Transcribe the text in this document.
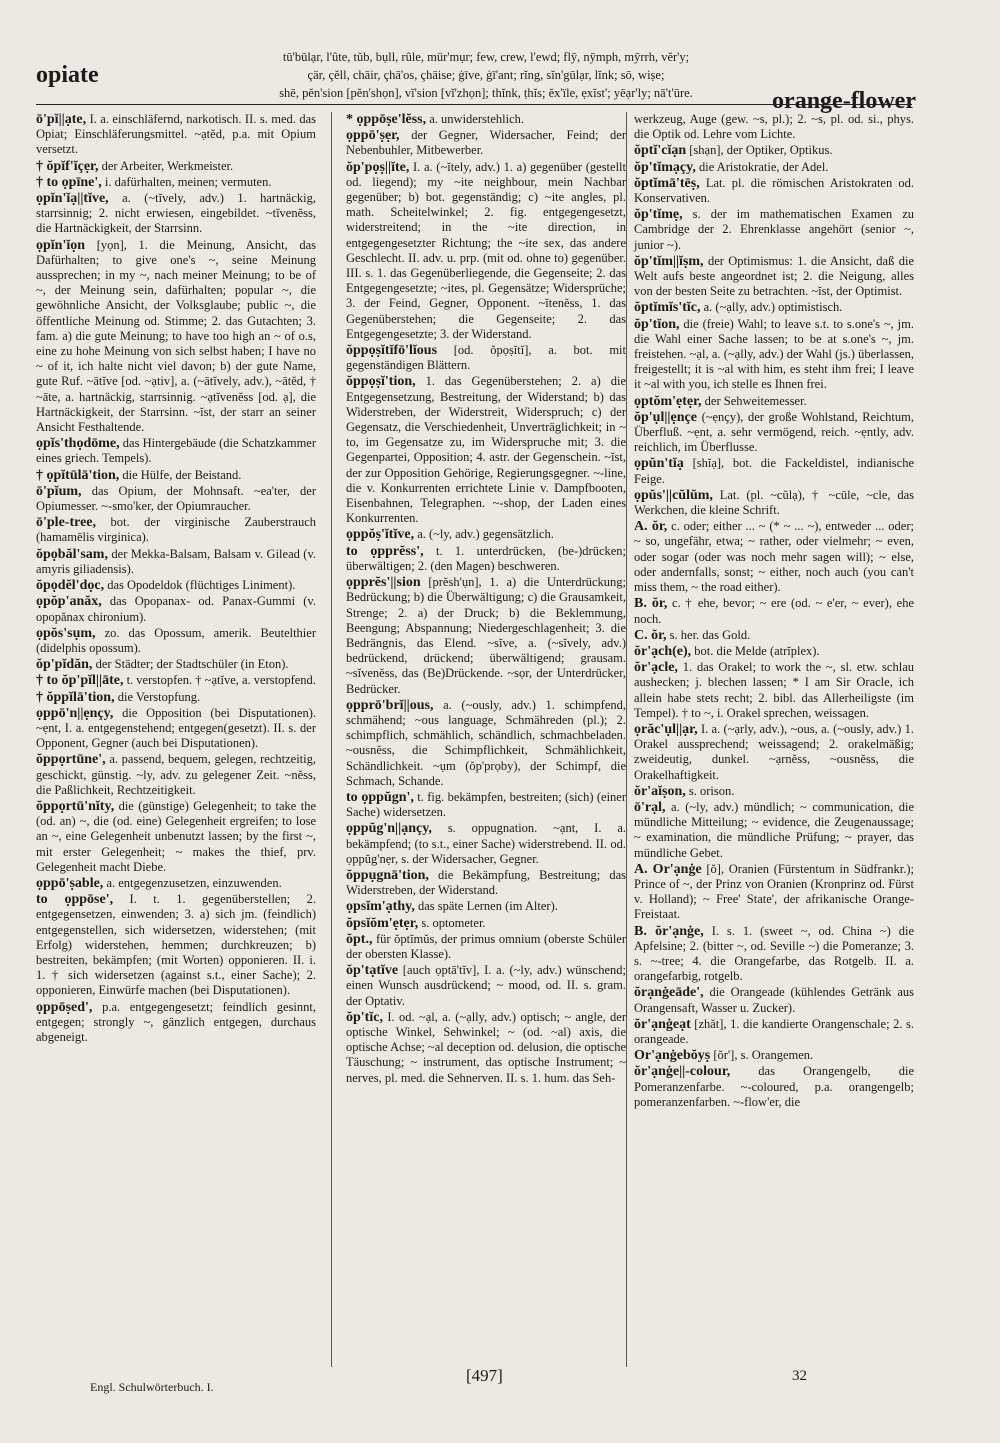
opiate
tū'būlạr, l'ûte, tŭb, bụll, rûle, mür'mụr; few, crew, l'ewd; flȳ, nȳmph, mȳrrh, vĕr'y;
çär, çĕll, chāir, çhā'os, çhāise; ġīve, ġī'ant; rĭng, sĭn'gūlạr, lĭnk; sō, wiṣe;
shē, pĕn'sion [pĕn'shọn], vĭ'sion [vĭ'zhọn]; thĭnk, ṭhĭs; ĕx'ïle, ẹxĭst'; yēạr'ly; nā't'ūre.	orange-flower
ō'pĭ||ạte, I. a. einschläfernd, narkotisch. II. s. med. das Opiat; Einschläferungsmittel. ~ạtĕd, p.a. mit Opium versetzt.
† ŏpĭf'ĭçẹr, der Arbeiter, Werkmeister.
† to ọpīne', i. dafürhalten, meinen; vermuten.
ọpĭn'ĭạ||tĭve, a. (~tĭvely, adv.) 1. hartnäckig, starrsinnig; 2. nicht erwiesen, eingebildet. ~tĭvenĕss, die Hartnäckigkeit, der Starrsinn.
ọpĭn'ĭọn [yọn], 1. die Meinung, Ansicht, das Dafürhalten; to give one's ~, seine Meinung aussprechen; in my ~, nach meiner Meinung; to be of ~, der Meinung sein, dafürhalten; popular ~, die gewöhnliche Ansicht, der Volksglaube; public ~, die öffentliche Meinung od. Stimme; 2. das Gutachten; 3. fam. a) die gute Meinung; to have too high an ~ of o.s, eine zu hohe Meinung von sich selbst haben; I have no ~ of it, ich halte nicht viel davon; b) der gute Name, gute Ruf. ~ātĭve [od. ~ạtiv], a. (~ātĭvely, adv.), ~ātĕd, † ~āte, a. hartnäckig, starrsinnig. ~ạtĭvenĕss [od. ạ], die Hartnäckigkeit, der Starrsinn. ~ĭst, der starr an seiner Ansicht Festhaltende.
ọpĭs'thọdōme, das Hintergebäude (die Schatzkammer eines griech. Tempels).
† ọpĭtūlā'tion, die Hülfe, der Beistand.
ō'pĭum, das Opium, der Mohnsaft. ~ea'ter, der Opiumesser. ~-smo'ker, der Opiumraucher.
ō'ple-tree, bot. der virginische Zauberstrauch (hamamēlis virginica).
ŏpọbăl'sam, der Mekka-Balsam, Balsam v. Gilead (v. amyris giliadensis).
ŏpọdĕl'dọc, das Opodeldok (flüchtiges Liniment).
ọpŏp'anăx, das Opopanax- od. Panax-Gummi (v. opopănax chironium).
ọpŏs'sụm, zo. das Opossum, amerik. Beutelthier (didelphis opossum).
ŏp'pĭdăn, der Städter; der Stadtschüler (in Eton).
† to ŏp'pĭl||āte, t. verstopfen. † ~ạtĭve, a. verstopfend.
† ŏppĭlā'tion, die Verstopfung.
ọppō'n||ẹnçy, die Opposition (bei Disputationen). ~ẹnt, I. a. entgegenstehend; entgegen(gesetzt). II. s. der Opponent, Gegner (auch bei Disputationen).
ŏppọrtūne', a. passend, bequem, gelegen, rechtzeitig, geschickt, günstig. ~ly, adv. zu gelegener Zeit. ~nĕss, die Paßlichkeit, Rechtzeitigkeit.
ŏppọrtū'nĭty, die (günstige) Gelegenheit; to take the (od. an) ~, die (od. eine) Gelegenheit ergreifen; to lose an ~, eine Gelegenheit unbenutzt lassen; by the first ~, mit erster Gelegenheit; ~ makes the thief, prv. Gelegenheit macht Diebe.
ọppō'ṣable, a. entgegenzusetzen, einzuwenden.
to ọppōse', I. t. 1. gegenüberstellen; 2. entgegensetzen, einwenden; 3. a) sich jm. (feindlich) entgegenstellen, sich widersetzen, widerstehen; (mit Erfolg) widerstehen, hemmen; durchkreuzen; b) bestreiten, bekämpfen; (mit Worten) opponieren. II. i. 1. † sich widersetzen (against s.t., einer Sache); 2. opponieren, Einwürfe machen (bei Disputationen).
ọppōṣed', p.a. entgegengesetzt; feindlich gesinnt, entgegen; strongly ~, gänzlich entgegen, durchaus abgeneigt.
* ọppōṣe'lĕss, a. unwiderstehlich.
ọppō'ṣẹr, der Gegner, Widersacher, Feind; der Nebenbuhler, Mitbewerber.
ŏp'pọṣ||ĭte, I. a. (~ĭtely, adv.) 1. a) gegenüber (gestellt od. liegend); my ~ite neighbour, mein Nachbar gegenüber; b) bot. gegenständig; c) ~ite angles, pl. math. Scheitelwinkel; 2. fig. entgegengesetzt, widerstreitend; in the ~ite direction, in entgegengesetzter Richtung; the ~ite sex, das andere Geschlecht. II. adv. u. prp. (mit od. ohne to) gegenüber. III. s. 1. das Gegenüberliegende, die Gegenseite; 2. das Entgegengesetzte; ~ites, pl. Gegensätze; Widersprüche; 3. der Feind, Gegner, Opponent. ~ĭtenĕss, 1. das Gegenüberstehen; die Gegenseite; 2. das Entgegengesetzte; 3. der Widerstand.
ŏppọṣĭtĭfō'lĭous [od. ŏpọṣĭtĭ], a. bot. mit gegenständigen Blättern.
ŏppọṣĭ'tion, 1. das Gegenüberstehen; 2. a) die Entgegensetzung, Bestreitung, der Widerstand; b) das Widerstreben, der Widerstreit, Widerspruch; c) der Gegensatz, die Verschiedenheit, Unverträglichkeit; in ~ to, im Gegensatze zu, im Widerspruche mit; 3. die Gegenpartei, Opposition; 4. astr. der Gegenschein. ~ĭst, der zur Opposition Gehörige, Regierungsgegner. ~-line, die v. Konkurrenten errichtete Linie v. Dampfbooten, Eisenbahnen, Telegraphen. ~-shop, der Laden eines Konkurrenten.
ọppŏṣ'ĭtĭve, a. (~ly, adv.) gegensätzlich.
to ọpprĕss', t. 1. unterdrücken, (be-)drücken; überwältigen; 2. (den Magen) beschweren.
ọpprĕs'||sion [prĕsh'ụn], 1. a) die Unterdrückung; Bedrückung; b) die Überwältigung; c) die Grausamkeit, Strenge; 2. a) der Druck; b) die Beklemmung, Beengung; Abspannung; Niedergeschlagenheit; 3. die Bedrängnis, das Elend. ~sĭve, a. (~sĭvely, adv.) bedrückend, drückend; überwältigend; grausam. ~sĭvenĕss, das (Be)Drückende. ~sọr, der Unterdrücker, Bedrücker.
ọpprō'brĭ||ous, a. (~ously, adv.) 1. schimpfend, schmähend; ~ous language, Schmähreden (pl.); 2. schimpflich, schmählich, schändlich, schmachbeladen. ~ousnĕss, die Schimpflichkeit, Schmählichkeit, Schändlichkeit. ~ụm (ŏp'prọby), der Schimpf, die Schmach, Schande.
to ọppŭgn', t. fig. bekämpfen, bestreiten; (sich) (einer Sache) widersetzen.
ọppŭg'n||ạnçy, s. oppugnation. ~ạnt, I. a. bekämpfend; (to s.t., einer Sache) widerstrebend. II. od. ọppŭg'nẹr, s. der Widersacher, Gegner.
ŏppụgnā'tion, die Bekämpfung, Bestreitung; das Widerstreben, der Widerstand.
ọpsĭm'ạthy, das späte Lernen (im Alter).
ŏpsĭŏm'ẹtẹr, s. optometer.
ŏpt., für ŏptĭmŭs, der primus omnium (oberste Schüler der obersten Klasse).
ŏp'tạtĭve [auch ọptā'tĭv], I. a. (~ly, adv.) wünschend; einen Wunsch ausdrückend; ~ mood, od. II. s. gram. der Optativ.
ŏp'tĭc, I. od. ~ạl, a. (~ạlly, adv.) optisch; ~ angle, der optische Winkel, Sehwinkel; ~ (od. ~al) axis, die optische Achse; ~al deception od. delusion, die optische Täuschung; ~ instrument, das optische Instrument; ~ nerves, pl. med. die Sehnerven. II. s. 1. hum. das Seh-
werkzeug, Auge (gew. ~s, pl.); 2. ~s, pl. od. si., phys. die Optik od. Lehre vom Lichte.
ŏptĭ'cĭạn [shạn], der Optiker, Optikus.
ŏp'tĭmạçy, die Aristokratie, der Adel.
ŏptĭmā'tēṣ, Lat. pl. die römischen Aristokraten od. Konservativen.
ŏp'tĭmẹ, s. der im mathematischen Examen zu Cambridge der 2. Ehrenklasse angehört (senior ~, junior ~).
ŏp'tĭm||ĭṣm, der Optimismus: 1. die Ansicht, daß die Welt aufs beste angeordnet ist; 2. die Neigung, alles von der besten Seite zu betrachten. ~ĭst, der Optimist.
ŏptĭmĭs'tĭc, a. (~ạlly, adv.) optimistisch.
ŏp'tĭon, die (freie) Wahl; to leave s.t. to s.one's ~, jm. die Wahl einer Sache lassen; to be at s.one's ~, jm. freistehen. ~ạl, a. (~ạlly, adv.) der Wahl (js.) überlassen, freigestellt; it is ~al with him, es steht ihm frei; I leave it ~al with you, ich stelle es Ihnen frei.
ọptŏm'ẹtẹr, der Sehweitemesser.
ŏp'ụl||ẹnçe (~ẹnçy), der große Wohlstand, Reichtum, Überfluß. ~ẹnt, a. sehr vermögend, reich. ~ẹntly, adv. reichlich, im Überflusse.
ọpŭn'tĭạ [shĭạ], bot. die Fackeldistel, indianische Feige.
ọpŭs'||cŭlŭm, Lat. (pl. ~cŭlạ), † ~cūle, ~cle, das Werkchen, die kleine Schrift.
A. ŏr, c. oder; either ... ~ (* ~ ... ~), entweder ... oder; ~ so, ungefähr, etwa; ~ rather, oder vielmehr; ~ even, oder sogar (oder was noch mehr sagen will); ~ else, oder andernfalls, sonst; ~ either, noch auch (you can't miss them, ~ the road either).
B. ŏr, c. † ehe, bevor; ~ ere (od. ~ e'er, ~ ever), ehe noch.
C. ŏr, s. her. das Gold.
ŏr'ạch(e), bot. die Melde (atrĭplex).
ŏr'ạcle, 1. das Orakel; to work the ~, sl. etw. schlau aushecken; j. blechen lassen; * I am Sir Oracle, ich allein habe stets recht; 2. bibl. das Allerheiligste (im Tempel). † to ~, i. Orakel sprechen, weissagen.
ọrăc'ụl||ạr, I. a. (~ạrly, adv.), ~ous, a. (~ously, adv.) 1. Orakel aussprechend; weissagend; 2. orakelmäßig; zweideutig, dunkel. ~ạrnĕss, ~ousnĕss, die Orakelhaftigkeit.
ŏr'aĭṣon, s. orison.
ō'rạl, a. (~ly, adv.) mündlich; ~ communication, die mündliche Mitteilung; ~ evidence, die Zeugenaussage; ~ examination, die mündliche Prüfung; ~ prayer, das mündliche Gebet.
A. Or'ạnġe [ŏ], Oranien (Fürstentum in Südfrankr.); Prince of ~, der Prinz von Oranien (Kronprinz od. Fürst v. Holland); ~ Free' State', der afrikanische Orange-Freistaat.
B. ŏr'ạnġe, I. s. 1. (sweet ~, od. China ~) die Apfelsine; 2. (bitter ~, od. Seville ~) die Pomeranze; 3. s. ~-tree; 4. die Orangefarbe, das Rotgelb. II. a. orangefarbig, rotgelb.
ŏrạnġeāde', die Orangeade (kühlendes Getränk aus Orangensaft, Wasser u. Zucker).
ŏr'ạnġeạt [zhăt], 1. die kandierte Orangenschale; 2. s. orangeade.
Or'ạnġebŏyṣ [ŏr'], s. Orangemen.
ŏr'ạnġe||-colour, das Orangengelb, die Pomeranzenfarbe. ~-coloured, p.a. orangengelb; pomeranzenfarben. ~-flow'er, die
Engl. Schulwörterbuch. I.
[497]	32
